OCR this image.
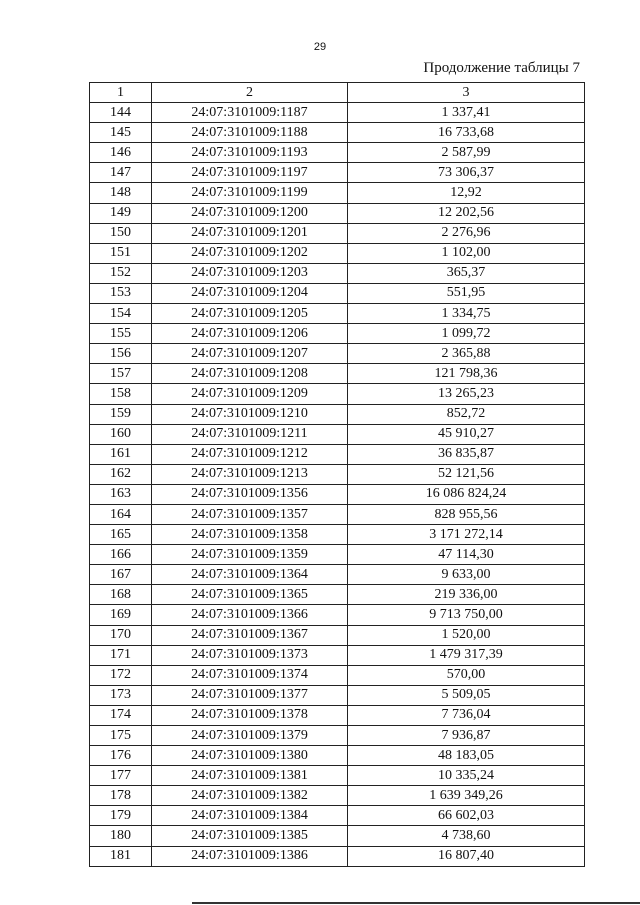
29
Продолжение таблицы 7
1	2	3
144	24:07:3101009:1187	1 337,41
145	24:07:3101009:1188	16 733,68
146	24:07:3101009:1193	2 587,99
147	24:07:3101009:1197	73 306,37
148	24:07:3101009:1199	12,92
149	24:07:3101009:1200	12 202,56
150	24:07:3101009:1201	2 276,96
151	24:07:3101009:1202	1 102,00
152	24:07:3101009:1203	365,37
153	24:07:3101009:1204	551,95
154	24:07:3101009:1205	1 334,75
155	24:07:3101009:1206	1 099,72
156	24:07:3101009:1207	2 365,88
157	24:07:3101009:1208	121 798,36
158	24:07:3101009:1209	13 265,23
159	24:07:3101009:1210	852,72
160	24:07:3101009:1211	45 910,27
161	24:07:3101009:1212	36 835,87
162	24:07:3101009:1213	52 121,56
163	24:07:3101009:1356	16 086 824,24
164	24:07:3101009:1357	828 955,56
165	24:07:3101009:1358	3 171 272,14
166	24:07:3101009:1359	47 114,30
167	24:07:3101009:1364	9 633,00
168	24:07:3101009:1365	219 336,00
169	24:07:3101009:1366	9 713 750,00
170	24:07:3101009:1367	1 520,00
171	24:07:3101009:1373	1 479 317,39
172	24:07:3101009:1374	570,00
173	24:07:3101009:1377	5 509,05
174	24:07:3101009:1378	7 736,04
175	24:07:3101009:1379	7 936,87
176	24:07:3101009:1380	48 183,05
177	24:07:3101009:1381	10 335,24
178	24:07:3101009:1382	1 639 349,26
179	24:07:3101009:1384	66 602,03
180	24:07:3101009:1385	4 738,60
181	24:07:3101009:1386	16 807,40
